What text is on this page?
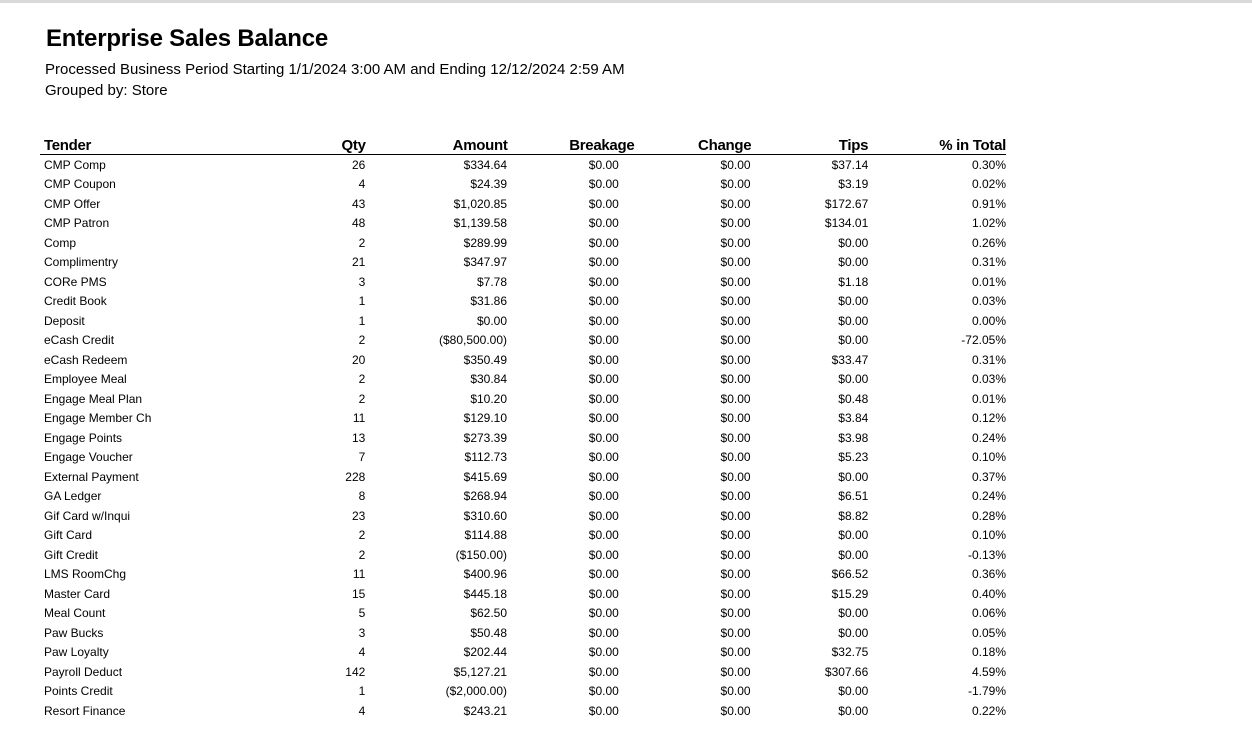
Enterprise Sales Balance
Processed Business Period Starting 1/1/2024 3:00 AM and Ending 12/12/2024 2:59 AM
Grouped by: Store
Tender	Qty	Amount	Breakage	Change	Tips	% in Total
CMP Comp	26	$334.64	$0.00	$0.00	$37.14	0.30%
CMP Coupon	4	$24.39	$0.00	$0.00	$3.19	0.02%
CMP Offer	43	$1,020.85	$0.00	$0.00	$172.67	0.91%
CMP Patron	48	$1,139.58	$0.00	$0.00	$134.01	1.02%
Comp	2	$289.99	$0.00	$0.00	$0.00	0.26%
Complimentry	21	$347.97	$0.00	$0.00	$0.00	0.31%
CORe PMS	3	$7.78	$0.00	$0.00	$1.18	0.01%
Credit Book	1	$31.86	$0.00	$0.00	$0.00	0.03%
Deposit	1	$0.00	$0.00	$0.00	$0.00	0.00%
eCash Credit	2	($80,500.00)	$0.00	$0.00	$0.00	-72.05%
eCash Redeem	20	$350.49	$0.00	$0.00	$33.47	0.31%
Employee Meal	2	$30.84	$0.00	$0.00	$0.00	0.03%
Engage Meal Plan	2	$10.20	$0.00	$0.00	$0.48	0.01%
Engage Member Ch	11	$129.10	$0.00	$0.00	$3.84	0.12%
Engage Points	13	$273.39	$0.00	$0.00	$3.98	0.24%
Engage Voucher	7	$112.73	$0.00	$0.00	$5.23	0.10%
External Payment	228	$415.69	$0.00	$0.00	$0.00	0.37%
GA Ledger	8	$268.94	$0.00	$0.00	$6.51	0.24%
Gif Card w/Inqui	23	$310.60	$0.00	$0.00	$8.82	0.28%
Gift Card	2	$114.88	$0.00	$0.00	$0.00	0.10%
Gift Credit	2	($150.00)	$0.00	$0.00	$0.00	-0.13%
LMS RoomChg	11	$400.96	$0.00	$0.00	$66.52	0.36%
Master Card	15	$445.18	$0.00	$0.00	$15.29	0.40%
Meal Count	5	$62.50	$0.00	$0.00	$0.00	0.06%
Paw Bucks	3	$50.48	$0.00	$0.00	$0.00	0.05%
Paw Loyalty	4	$202.44	$0.00	$0.00	$32.75	0.18%
Payroll Deduct	142	$5,127.21	$0.00	$0.00	$307.66	4.59%
Points Credit	1	($2,000.00)	$0.00	$0.00	$0.00	-1.79%
Resort Finance	4	$243.21	$0.00	$0.00	$0.00	0.22%
